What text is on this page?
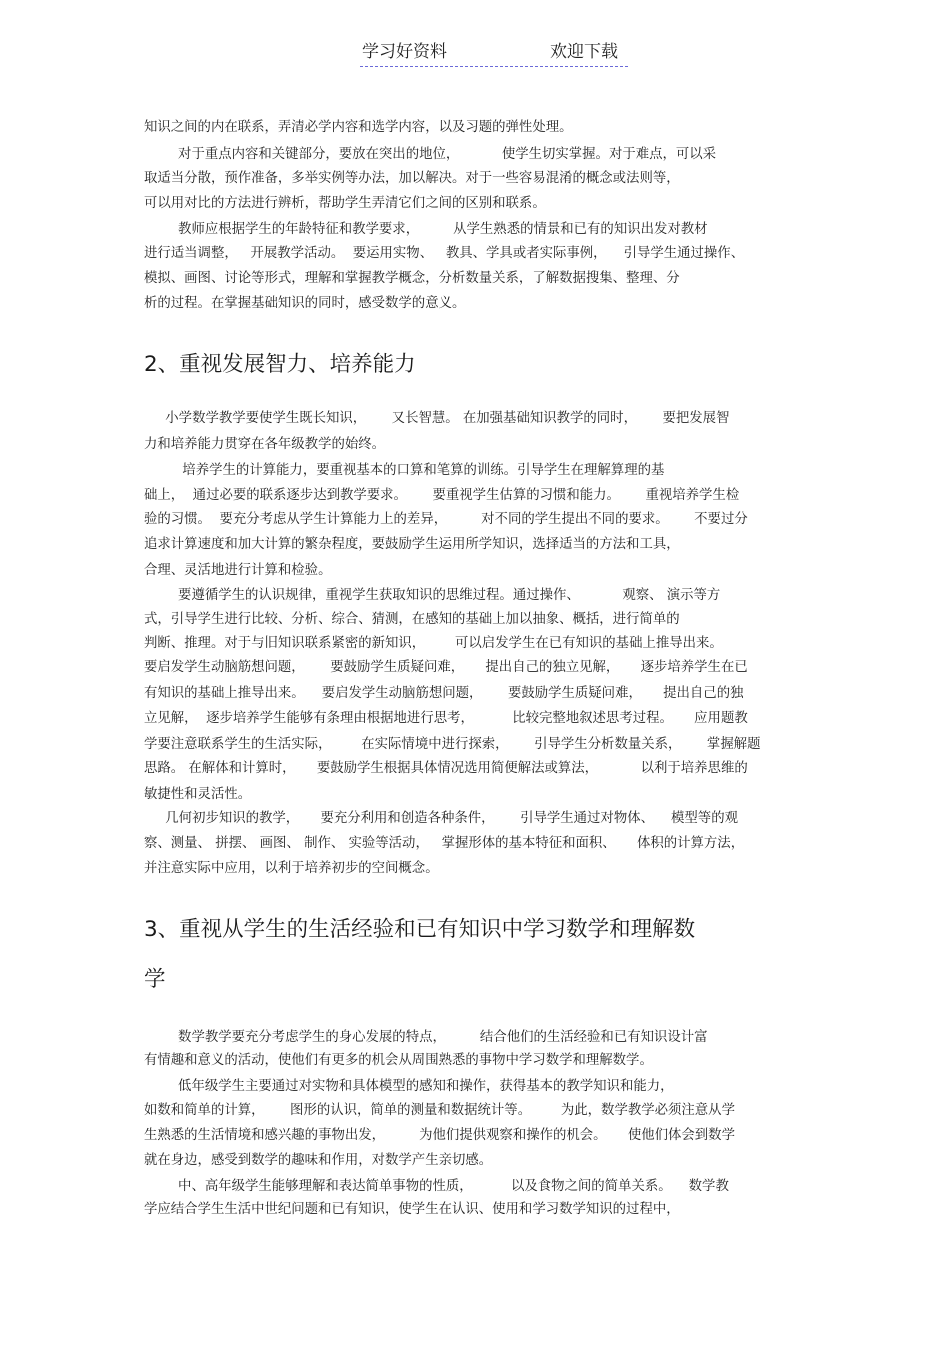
学习好资料	欢迎下载
知识之间的内在联系，弄清必学内容和选学内容，以及习题的弹性处理。
对于重点内容和关键部分，要放在突出的地位，          使学生切实掌握。对于难点，可以采
取适当分散，预作准备，多举实例等办法，加以解决。对于一些容易混淆的概念或法则等，
可以用对比的方法进行辨析，帮助学生弄清它们之间的区别和联系。
教师应根据学生的年龄特征和教学要求，        从学生熟悉的情景和已有的知识出发对教材
进行适当调整，   开展教学活动。  要运用实物、   教具、学具或者实际事例，    引导学生通过操作、
模拟、画图、讨论等形式，理解和掌握教学概念，分析数量关系，了解数据搜集、整理、分
析的过程。在掌握基础知识的同时，感受数学的意义。
2、重视发展智力、培养能力
小学数学教学要使学生既长知识，      又长智慧。 在加强基础知识教学的同时，      要把发展智
力和培养能力贯穿在各年级教学的始终。
培养学生的计算能力，要重视基本的口算和笔算的训练。引导学生在理解算理的基
础上，  通过必要的联系逐步达到教学要求。      要重视学生估算的习惯和能力。      重视培养学生检
验的习惯。  要充分考虑从学生计算能力上的差异，        对不同的学生提出不同的要求。      不要过分
追求计算速度和加大计算的繁杂程度，要鼓励学生运用所学知识，选择适当的方法和工具，
合理、灵活地进行计算和检验。
要遵循学生的认识规律，重视学生获取知识的思维过程。通过操作、          观察、 演示等方
式，引导学生进行比较、分析、综合、猜测，在感知的基础上加以抽象、概括，进行简单的
判断、推理。对于与旧知识联系紧密的新知识，       可以启发学生在已有知识的基础上推导出来。
要启发学生动脑筋想问题，      要鼓励学生质疑问难，     提出自己的独立见解，     逐步培养学生在已
有知识的基础上推导出来。    要启发学生动脑筋想问题，      要鼓励学生质疑问难，     提出自己的独
立见解，  逐步培养学生能够有条理由根据地进行思考，         比较完整地叙述思考过程。     应用题教
学要注意联系学生的生活实际，       在实际情境中进行探索，      引导学生分析数量关系，      掌握解题
思路。 在解体和计算时，     要鼓励学生根据具体情况选用简便解法或算法，          以利于培养思维的
敏捷性和灵活性。
几何初步知识的教学，     要充分利用和创造各种条件，      引导学生通过对物体、    模型等的观
察、测量、 拼摆、 画图、 制作、 实验等活动，   掌握形体的基本特征和面积、     体积的计算方法，
并注意实际中应用，以利于培养初步的空间概念。
3、重视从学生的生活经验和已有知识中学习数学和理解数
学
数学教学要充分考虑学生的身心发展的特点，        结合他们的生活经验和已有知识设计富
有情趣和意义的活动，使他们有更多的机会从周围熟悉的事物中学习数学和理解数学。
低年级学生主要通过对实物和具体模型的感知和操作，获得基本的教学知识和能力，
如数和简单的计算，      图形的认识，简单的测量和数据统计等。       为此，数学教学必须注意从学
生熟悉的生活情境和感兴趣的事物出发，        为他们提供观察和操作的机会。     使他们体会到数学
就在身边，感受到数学的趣味和作用，对数学产生亲切感。
中、高年级学生能够理解和表达简单事物的性质，         以及食物之间的简单关系。    数学教
学应结合学生生活中世纪问题和已有知识，使学生在认识、使用和学习数学知识的过程中，
